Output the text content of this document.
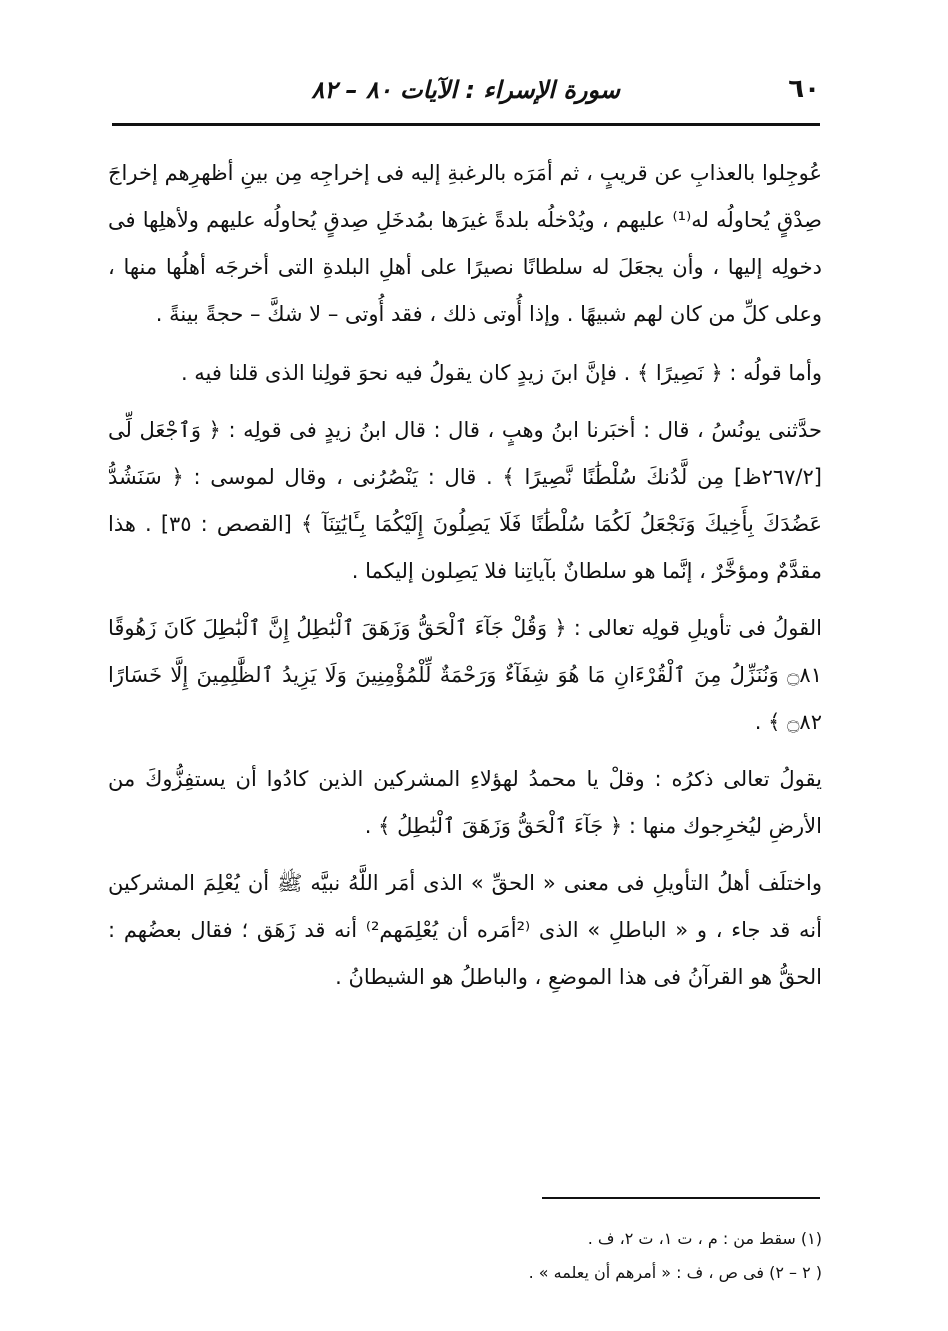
٦٠
سورة الإسراء : الآيات ٨٠ – ٨٢

عُوجِلوا بالعذابِ عن قريبٍ ، ثم أمَرَه بالرغبةِ إليه فى إخراجِه مِن بينِ أظهرِهم إخراجَ صِدْقٍ يُحاولُه له⁽¹⁾ عليهم ، ويُدْخلُه بلدةً غيرَها بمُدخَلِ صِدقٍ يُحاولُه عليهم ولأهلِها فى دخولِه إليها ، وأن يجعَلَ له سلطانًا نصيرًا على أهلِ البلدةِ التى أخرجَه أهلُها منها ، وعلى كلِّ من كان لهم شبيهًا . وإذا أُوتى ذلك ، فقد أُوتى – لا شكَّ – حجةً بينةً .

وأما قولُه : ﴿ نَصِيرًا ﴾ . فإنَّ ابنَ زيدٍ كان يقولُ فيه نحوَ قولِنا الذى قلنا فيه .

حدَّثنى يونُسُ ، قال : أخبَرنا ابنُ وهبٍ ، قال : قال ابنُ زيدٍ فى قولِه : ﴿ وَٱجْعَل لِّى [٢٦٧/٢ظ] مِن لَّدُنكَ سُلْطَٰنًا نَّصِيرًا ﴾ . قال : يَنْصُرُنى ، وقال لموسى : ﴿ سَنَشُدُّ عَضُدَكَ بِأَخِيكَ وَنَجْعَلُ لَكُمَا سُلْطَٰنًا فَلَا يَصِلُونَ إِلَيْكُمَا بِـَٔايَٰتِنَآ ﴾ [القصص : ٣٥] . هذا مقدَّمٌ ومؤخَّرٌ ، إنَّما هو سلطانٌ بآياتِنا فلا يَصِلون إليكما .

القولُ فى تأويلِ قولِه تعالى : ﴿ وَقُلْ جَآءَ ٱلْحَقُّ وَزَهَقَ ٱلْبَٰطِلُ إِنَّ ٱلْبَٰطِلَ كَانَ زَهُوقًا ۝٨١ وَنُنَزِّلُ مِنَ ٱلْقُرْءَانِ مَا هُوَ شِفَآءٌ وَرَحْمَةٌ لِّلْمُؤْمِنِينَ وَلَا يَزِيدُ ٱلظَّٰلِمِينَ إِلَّا خَسَارًا ۝٨٢ ﴾ .

يقولُ تعالى ذكرُه : وقلْ يا محمدُ لهؤلاءِ المشركين الذين كادُوا أن يستفِزُّوكَ من الأرضِ ليُخرِجوك منها : ﴿ جَآءَ ٱلْحَقُّ وَزَهَقَ ٱلْبَٰطِلُ ﴾ .

واختلَف أهلُ التأويلِ فى معنى « الحقِّ » الذى أمَر اللَّهُ نبيَّه ﷺ أن يُعْلِمَ المشركين أنه قد جاء ، و « الباطلِ » الذى ⁽²أمَره أن يُعْلِمَهم²⁾ أنه قد زَهَق ؛ فقال بعضُهم : الحقُّ هو القرآنُ فى هذا الموضعِ ، والباطلُ هو الشيطانُ .

(١) سقط من : م ، ت ١، ت ٢، ف .

( ٢ – ٢) فى ص ، ف : « أمرهم أن يعلمه » .
